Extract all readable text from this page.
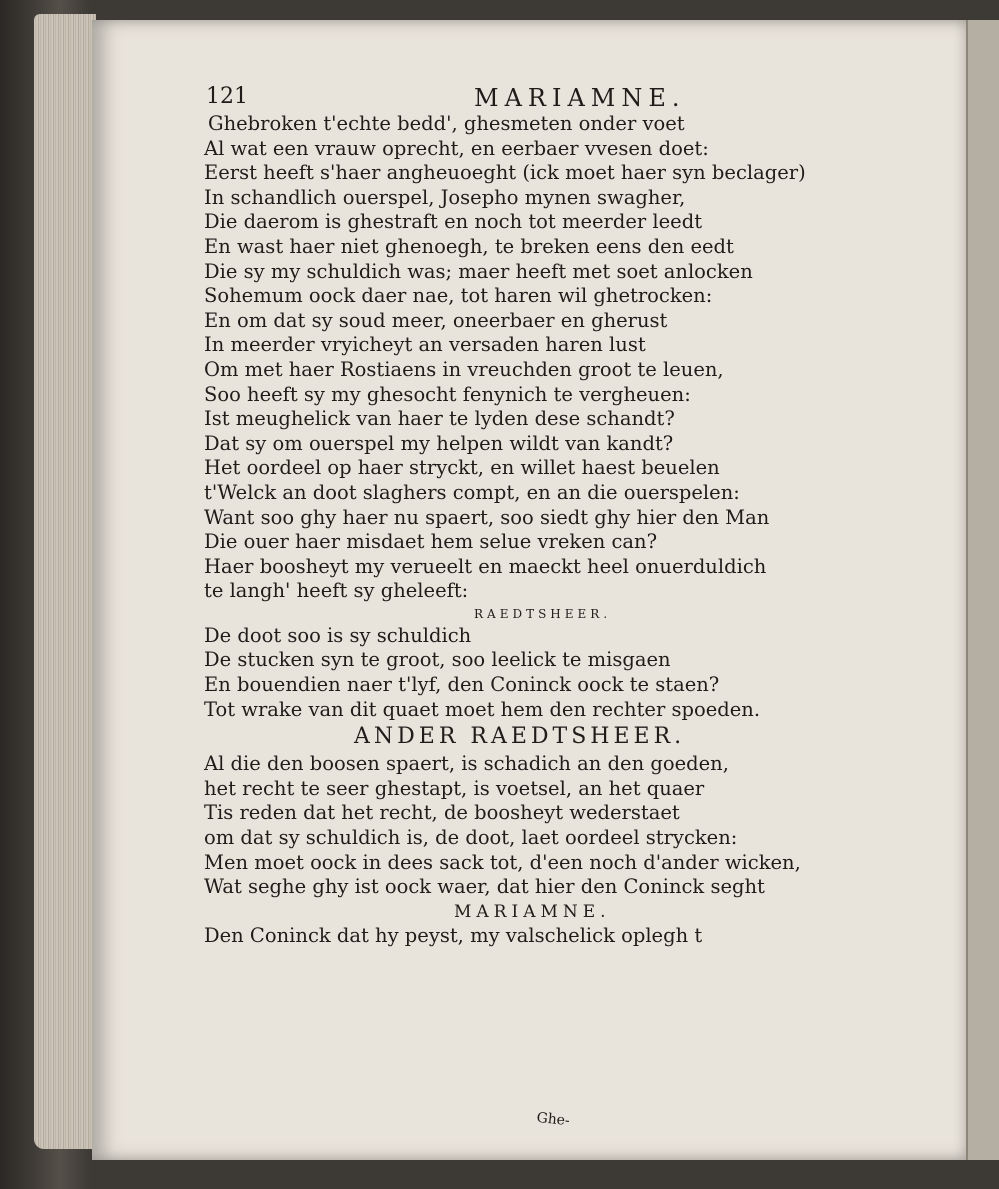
121	MARIAMNE.
Ghebroken t'echte bedd', ghesmeten onder voet
Al wat een vrauw oprecht, en eerbaer vvesen doet:
Eerst heeft s'haer angheuoeght (ick moet haer syn beclager)
In schandlich ouerspel, Josepho mynen swagher,
Die daerom is ghestraft en noch tot meerder leedt
En wast haer niet ghenoegh, te breken eens den eedt
Die sy my schuldich was; maer heeft met soet anlocken
Sohemum oock daer nae, tot haren wil ghetrocken:
En om dat sy soud meer, oneerbaer en gherust
In meerder vryicheyt an versaden haren lust
Om met haer Rostiaens in vreuchden groot te leuen,
Soo heeft sy my ghesocht fenynich te vergheuen:
Ist meughelick van haer te lyden dese schandt?
Dat sy om ouerspel my helpen wildt van kandt?
Het oordeel op haer stryckt, en willet haest beuelen
t'Welck an doot slaghers compt, en an die ouerspelen:
Want soo ghy haer nu spaert, soo siedt ghy hier den Man
Die ouer haer misdaet hem selue vreken can?
Haer boosheyt my verueelt en maeckt heel onuerduldich
te langh' heeft sy gheleeft:
RAEDTSHEER.
De doot soo is sy schuldich
De stucken syn te groot, soo leelick te misgaen
En bouendien naer t'lyf, den Coninck oock te staen?
Tot wrake van dit quaet moet hem den rechter spoeden.
ANDER RAEDTSHEER.
Al die den boosen spaert, is schadich an den goeden,
het recht te seer ghestapt, is voetsel, an het quaer
Tis reden dat het recht, de boosheyt wederstaet
om dat sy schuldich is, de doot, laet oordeel strycken:
Men moet oock in dees sack tot, d'een noch d'ander wicken,
Wat seghe ghy ist oock waer, dat hier den Coninck seght
MARIAMNE.
Den Coninck dat hy peyst, my valschelick oplegh t
Ghe-
